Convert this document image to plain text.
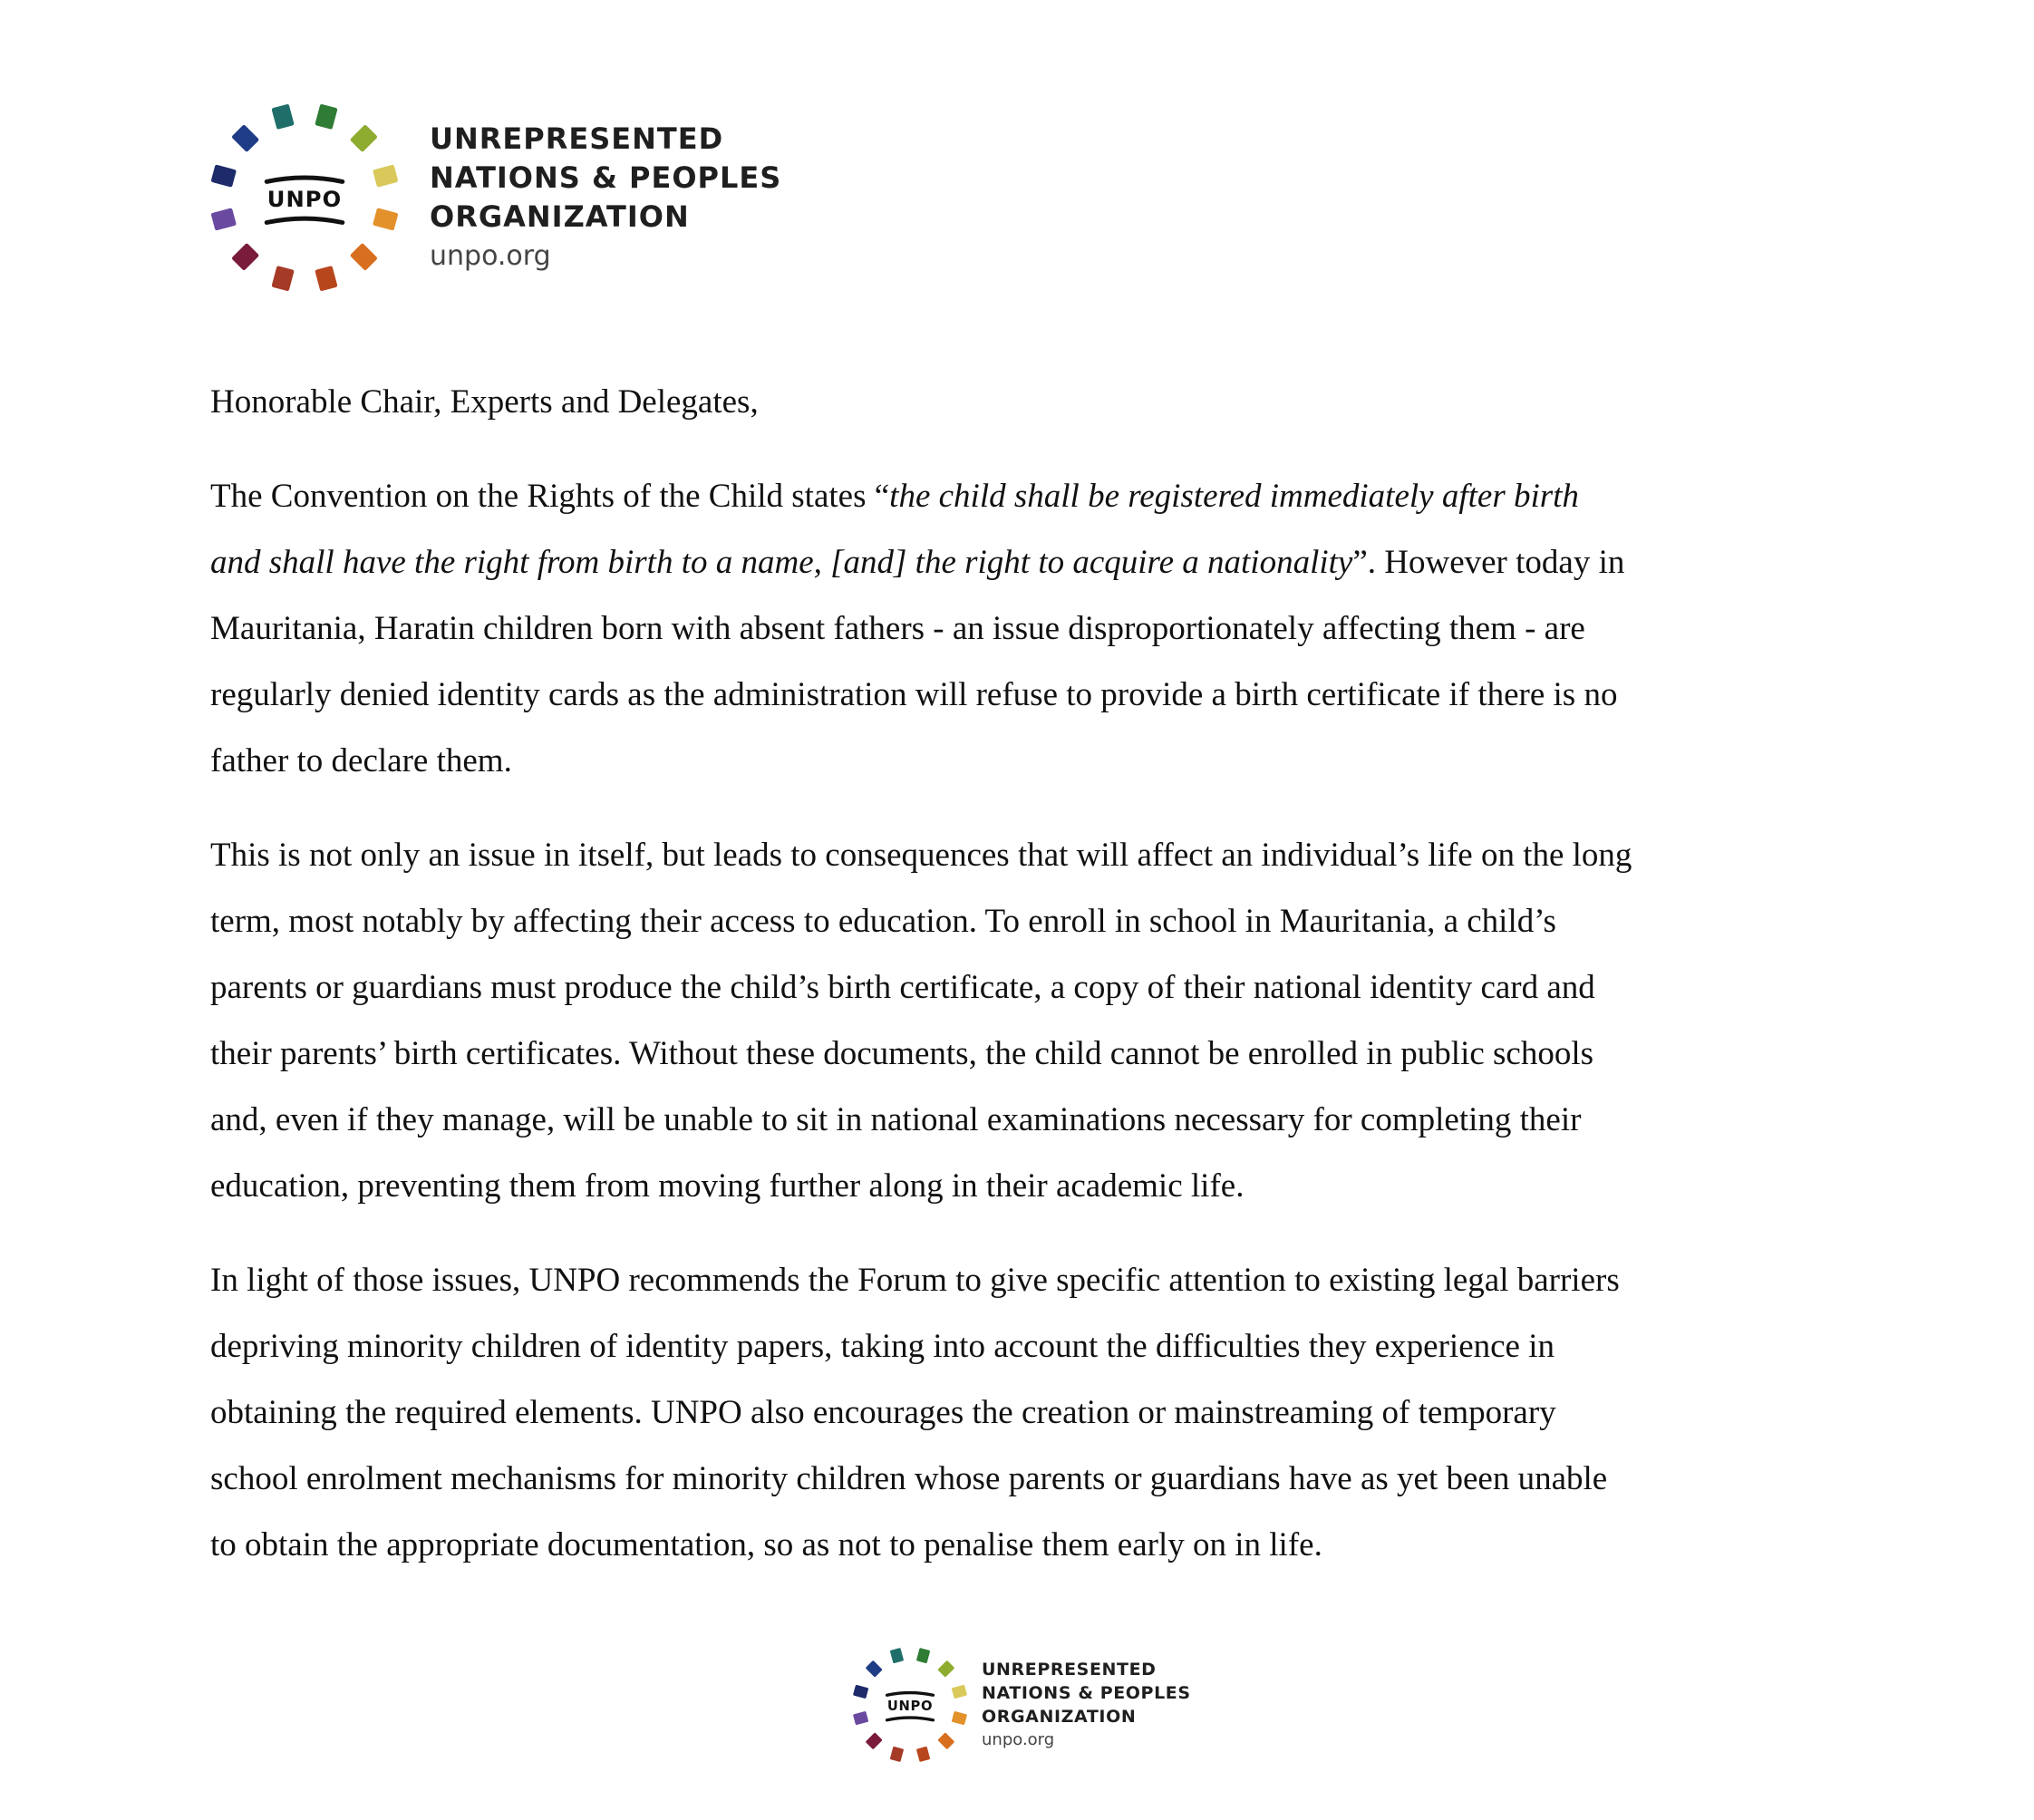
UNPO
UNREPRESENTED
NATIONS & PEOPLES
ORGANIZATION
unpo.org

Honorable Chair, Experts and Delegates,

The Convention on the Rights of the Child states “the child shall be registered immediately after birth
and shall have the right from birth to a name, [and] the right to acquire a nationality”. However today in
Mauritania, Haratin children born with absent fathers - an issue disproportionately affecting them - are
regularly denied identity cards as the administration will refuse to provide a birth certificate if there is no
father to declare them.

This is not only an issue in itself, but leads to consequences that will affect an individual’s life on the long
term, most notably by affecting their access to education. To enroll in school in Mauritania, a child’s
parents or guardians must produce the child’s birth certificate, a copy of their national identity card and
their parents’ birth certificates. Without these documents, the child cannot be enrolled in public schools
and, even if they manage, will be unable to sit in national examinations necessary for completing their
education, preventing them from moving further along in their academic life.

In light of those issues, UNPO recommends the Forum to give specific attention to existing legal barriers
depriving minority children of identity papers, taking into account the difficulties they experience in
obtaining the required elements. UNPO also encourages the creation or mainstreaming of temporary
school enrolment mechanisms for minority children whose parents or guardians have as yet been unable
to obtain the appropriate documentation, so as not to penalise them early on in life.

UNPO
UNREPRESENTED
NATIONS & PEOPLES
ORGANIZATION
unpo.org
